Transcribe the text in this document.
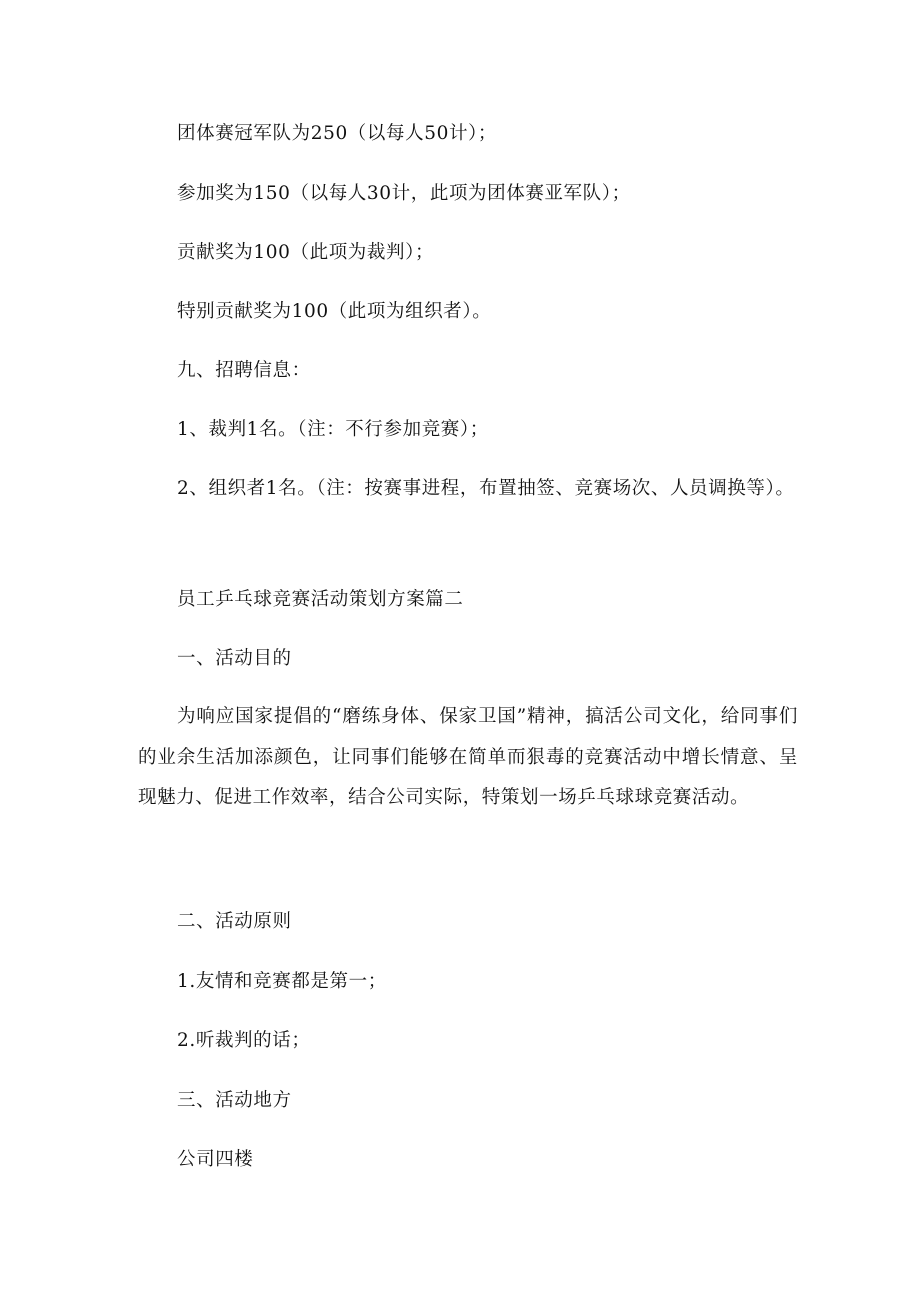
团体赛冠军队为250（以每人50计）；
参加奖为150（以每人30计，此项为团体赛亚军队）；
贡献奖为100（此项为裁判）；
特别贡献奖为100（此项为组织者）。
九、招聘信息：
1、裁判1名。（注：不行参加竞赛）；
2、组织者1名。（注：按赛事进程，布置抽签、竞赛场次、人员调换等）。
员工乒乓球竞赛活动策划方案篇二
一、活动目的
为响应国家提倡的“磨练身体、保家卫国”精神，搞活公司文化，给同事们的业余生活加添颜色，让同事们能够在简单而狠毒的竞赛活动中增长情意、呈现魅力、促进工作效率，结合公司实际，特策划一场乒乓球球竞赛活动。
二、活动原则
1.友情和竞赛都是第一；
2.听裁判的话；
三、活动地方
公司四楼
